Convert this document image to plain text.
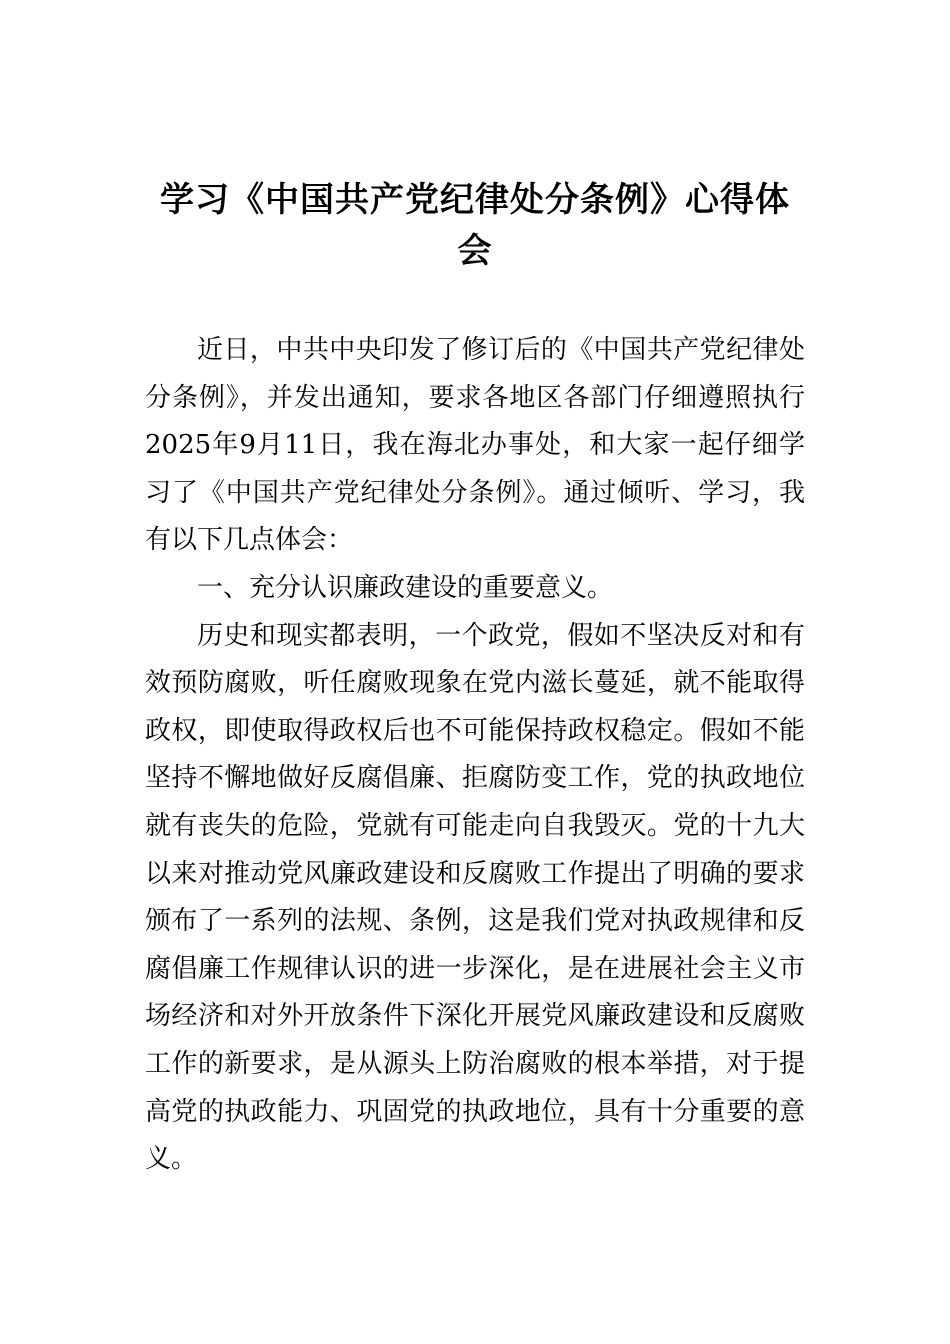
学习《中国共产党纪律处分条例》心得体会

近日，中共中央印发了修订后的《中国共产党纪律处分条例》，并发出通知，要求各地区各部门仔细遵照执行2025年9月11日，我在海北办事处，和大家一起仔细学习了《中国共产党纪律处分条例》。通过倾听、学习，我有以下几点体会：

一、充分认识廉政建设的重要意义。

历史和现实都表明，一个政党，假如不坚决反对和有效预防腐败，听任腐败现象在党内滋长蔓延，就不能取得政权，即使取得政权后也不可能保持政权稳定。假如不能坚持不懈地做好反腐倡廉、拒腐防变工作，党的执政地位就有丧失的危险，党就有可能走向自我毁灭。党的十九大以来对推动党风廉政建设和反腐败工作提出了明确的要求颁布了一系列的法规、条例，这是我们党对执政规律和反腐倡廉工作规律认识的进一步深化，是在进展社会主义市场经济和对外开放条件下深化开展党风廉政建设和反腐败工作的新要求，是从源头上防治腐败的根本举措，对于提高党的执政能力、巩固党的执政地位，具有十分重要的意义。
